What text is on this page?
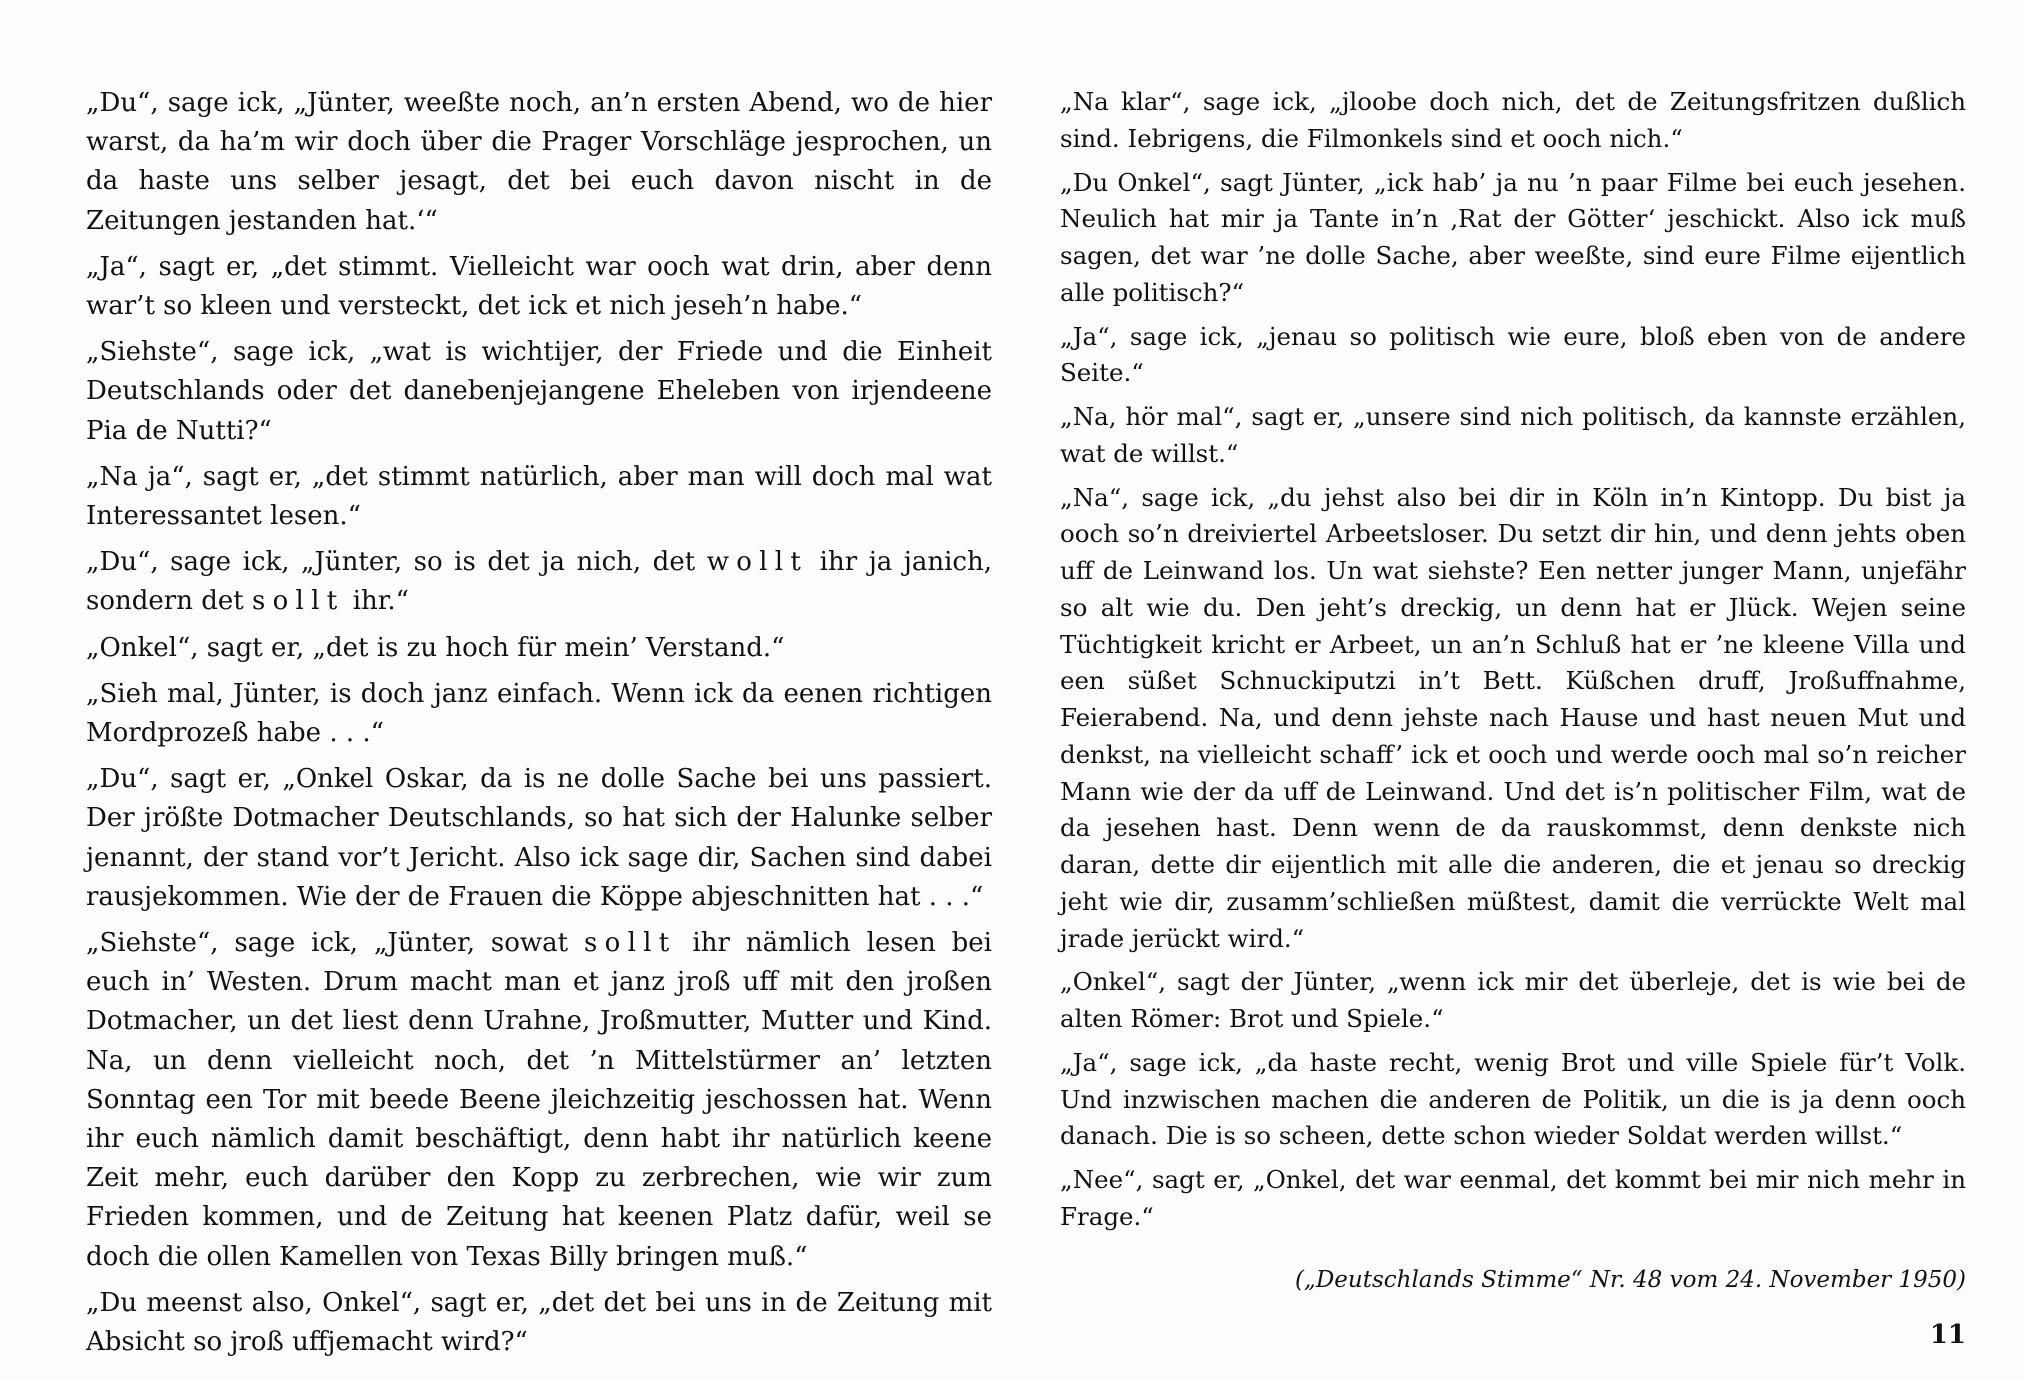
„Du“, sage ick, „Jünter, weeßte noch, an’n ersten Abend, wo de hier warst, da ha’m wir doch über die Prager Vorschläge jesprochen, un da haste uns selber jesagt, det bei euch davon nischt in de Zeitungen jestanden hat.‘“

„Ja“, sagt er, „det stimmt. Vielleicht war ooch wat drin, aber denn war’t so kleen und versteckt, det ick et nich jeseh’n habe.“

„Siehste“, sage ick, „wat is wichtijer, der Friede und die Einheit Deutschlands oder det danebenjejangene Eheleben von irjendeene Pia de Nutti?“

„Na ja“, sagt er, „det stimmt natürlich, aber man will doch mal wat Interessantet lesen.“

„Du“, sage ick, „Jünter, so is det ja nich, det wollt ihr ja janich, sondern det sollt ihr.“

„Onkel“, sagt er, „det is zu hoch für mein’ Verstand.“

„Sieh mal, Jünter, is doch janz einfach. Wenn ick da eenen richtigen Mordprozeß habe . . .“

„Du“, sagt er, „Onkel Oskar, da is ne dolle Sache bei uns passiert. Der jrößte Dotmacher Deutschlands, so hat sich der Halunke selber jenannt, der stand vor’t Jericht. Also ick sage dir, Sachen sind dabei rausjekommen. Wie der de Frauen die Köppe abjeschnitten hat . . .“

„Siehste“, sage ick, „Jünter, sowat sollt ihr nämlich lesen bei euch in’ Westen. Drum macht man et janz jroß uff mit den jroßen Dotmacher, un det liest denn Urahne, Jroßmutter, Mutter und Kind. Na, un denn vielleicht noch, det ’n Mittelstürmer an’ letzten Sonntag een Tor mit beede Beene jleichzeitig jeschossen hat. Wenn ihr euch nämlich damit beschäftigt, denn habt ihr natürlich keene Zeit mehr, euch darüber den Kopp zu zerbrechen, wie wir zum Frieden kommen, und de Zeitung hat keenen Platz dafür, weil se doch die ollen Kamellen von Texas Billy bringen muß.“

„Du meenst also, Onkel“, sagt er, „det det bei uns in de Zeitung mit Absicht so jroß uffjemacht wird?“

„Na klar“, sage ick, „jloobe doch nich, det de Zeitungsfritzen dußlich sind. Iebrigens, die Filmonkels sind et ooch nich.“

„Du Onkel“, sagt Jünter, „ick hab’ ja nu ’n paar Filme bei euch jesehen. Neulich hat mir ja Tante in’n ‚Rat der Götter‘ jeschickt. Also ick muß sagen, det war ’ne dolle Sache, aber weeßte, sind eure Filme eijentlich alle politisch?“

„Ja“, sage ick, „jenau so politisch wie eure, bloß eben von de andere Seite.“

„Na, hör mal“, sagt er, „unsere sind nich politisch, da kannste erzählen, wat de willst.“

„Na“, sage ick, „du jehst also bei dir in Köln in’n Kintopp. Du bist ja ooch so’n dreiviertel Arbeetsloser. Du setzt dir hin, und denn jehts oben uff de Leinwand los. Un wat siehste? Een netter junger Mann, unjefähr so alt wie du. Den jeht’s dreckig, un denn hat er Jlück. Wejen seine Tüchtigkeit kricht er Arbeet, un an’n Schluß hat er ’ne kleene Villa und een süßet Schnuckiputzi in’t Bett. Küßchen druff, Jroßuffnahme, Feierabend. Na, und denn jehste nach Hause und hast neuen Mut und denkst, na vielleicht schaff’ ick et ooch und werde ooch mal so’n reicher Mann wie der da uff de Leinwand. Und det is’n politischer Film, wat de da jesehen hast. Denn wenn de da rauskommst, denn denkste nich daran, dette dir eijentlich mit alle die anderen, die et jenau so dreckig jeht wie dir, zusamm’schließen müßtest, damit die verrückte Welt mal jrade jerückt wird.“

„Onkel“, sagt der Jünter, „wenn ick mir det überleje, det is wie bei de alten Römer: Brot und Spiele.“

„Ja“, sage ick, „da haste recht, wenig Brot und ville Spiele für’t Volk. Und inzwischen machen die anderen de Politik, un die is ja denn ooch danach. Die is so scheen, dette schon wieder Soldat werden willst.“

„Nee“, sagt er, „Onkel, det war eenmal, det kommt bei mir nich mehr in Frage.“

(„Deutschlands Stimme“ Nr. 48 vom 24. November 1950)
11
